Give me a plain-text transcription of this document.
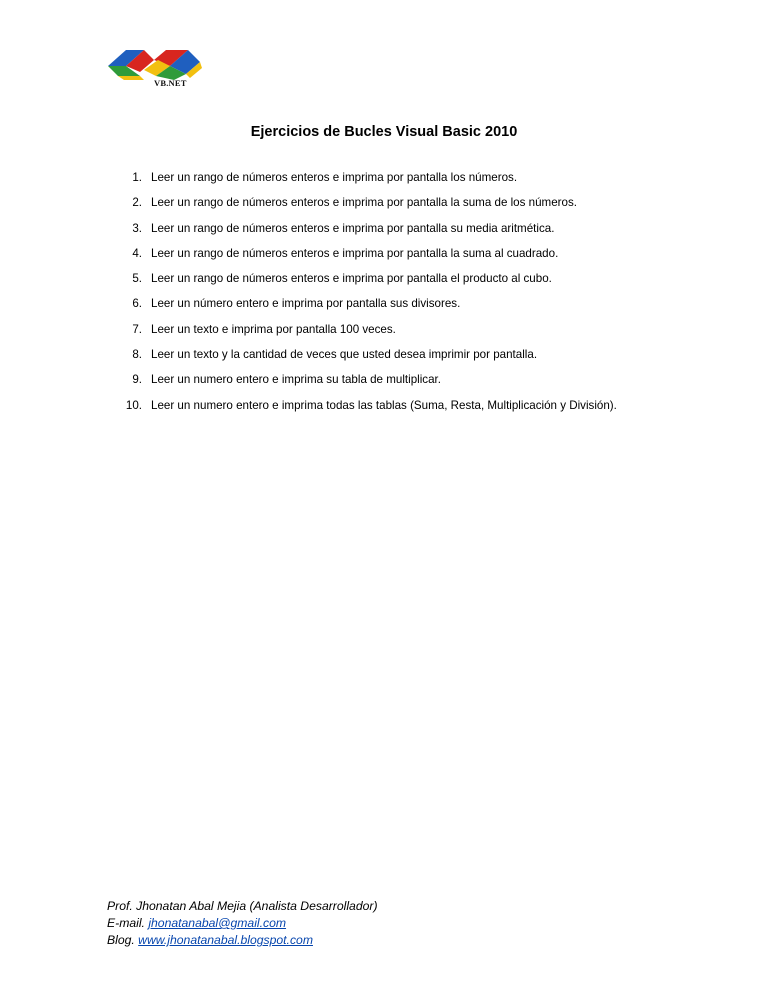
VB.NET
Ejercicios de Bucles Visual Basic 2010
1. Leer un rango de números enteros e imprima por pantalla los números.
2. Leer un rango de números enteros e imprima por pantalla la suma de los números.
3. Leer un rango de números enteros e imprima por pantalla su media aritmética.
4. Leer un rango de números enteros e imprima por pantalla la suma al cuadrado.
5. Leer un rango de números enteros e imprima por pantalla el producto al cubo.
6. Leer un número entero e imprima por pantalla sus divisores.
7. Leer un texto e imprima por pantalla 100 veces.
8. Leer un texto y la cantidad de veces que usted desea imprimir por pantalla.
9. Leer un numero entero e imprima su tabla de multiplicar.
10. Leer un numero entero e imprima todas las tablas (Suma, Resta, Multiplicación y División).
Prof. Jhonatan Abal Mejia (Analista Desarrollador)
E-mail. jhonatanabal@gmail.com
Blog. www.jhonatanabal.blogspot.com
